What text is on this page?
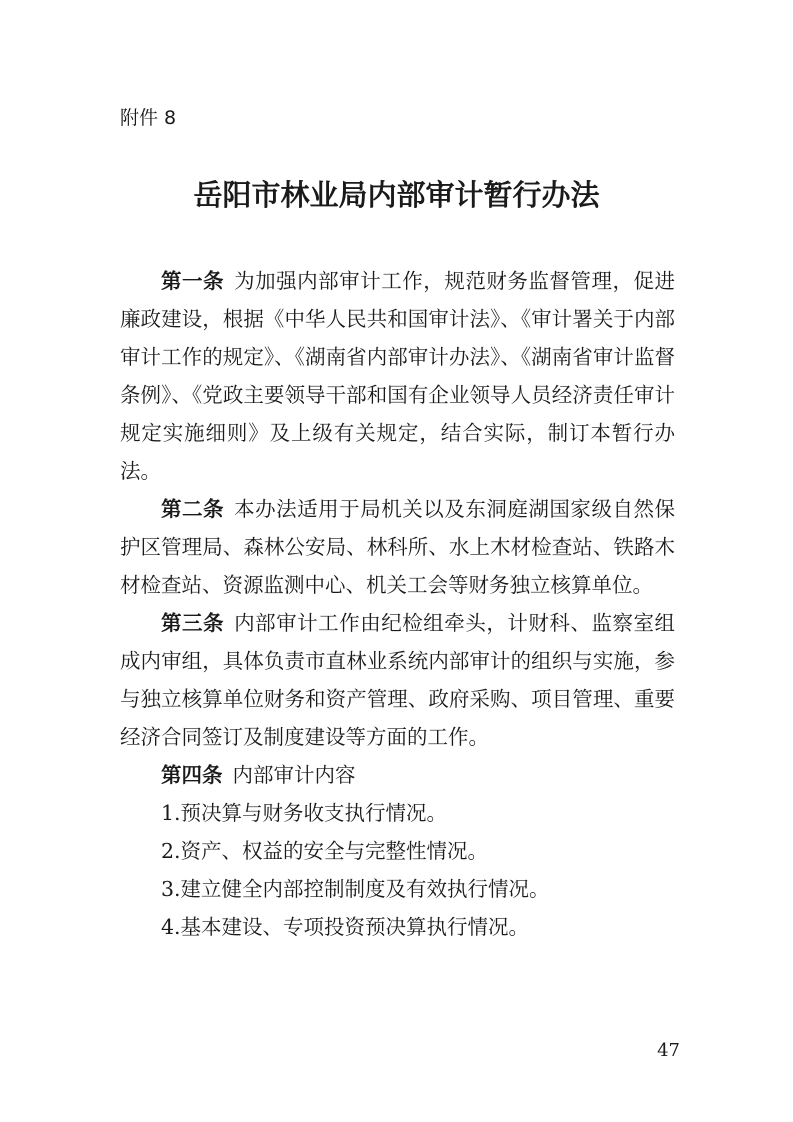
附件 8
岳阳市林业局内部审计暂行办法

第一条 为加强内部审计工作，规范财务监督管理，促进廉政建设，根据《中华人民共和国审计法》、《审计署关于内部审计工作的规定》、《湖南省内部审计办法》、《湖南省审计监督条例》、《党政主要领导干部和国有企业领导人员经济责任审计规定实施细则》及上级有关规定，结合实际，制订本暂行办法。

第二条 本办法适用于局机关以及东洞庭湖国家级自然保护区管理局、森林公安局、林科所、水上木材检查站、铁路木材检查站、资源监测中心、机关工会等财务独立核算单位。

第三条 内部审计工作由纪检组牵头，计财科、监察室组成内审组，具体负责市直林业系统内部审计的组织与实施，参与独立核算单位财务和资产管理、政府采购、项目管理、重要经济合同签订及制度建设等方面的工作。

第四条 内部审计内容

1.预决算与财务收支执行情况。

2.资产、权益的安全与完整性情况。

3.建立健全内部控制制度及有效执行情况。

4.基本建设、专项投资预决算执行情况。

47
